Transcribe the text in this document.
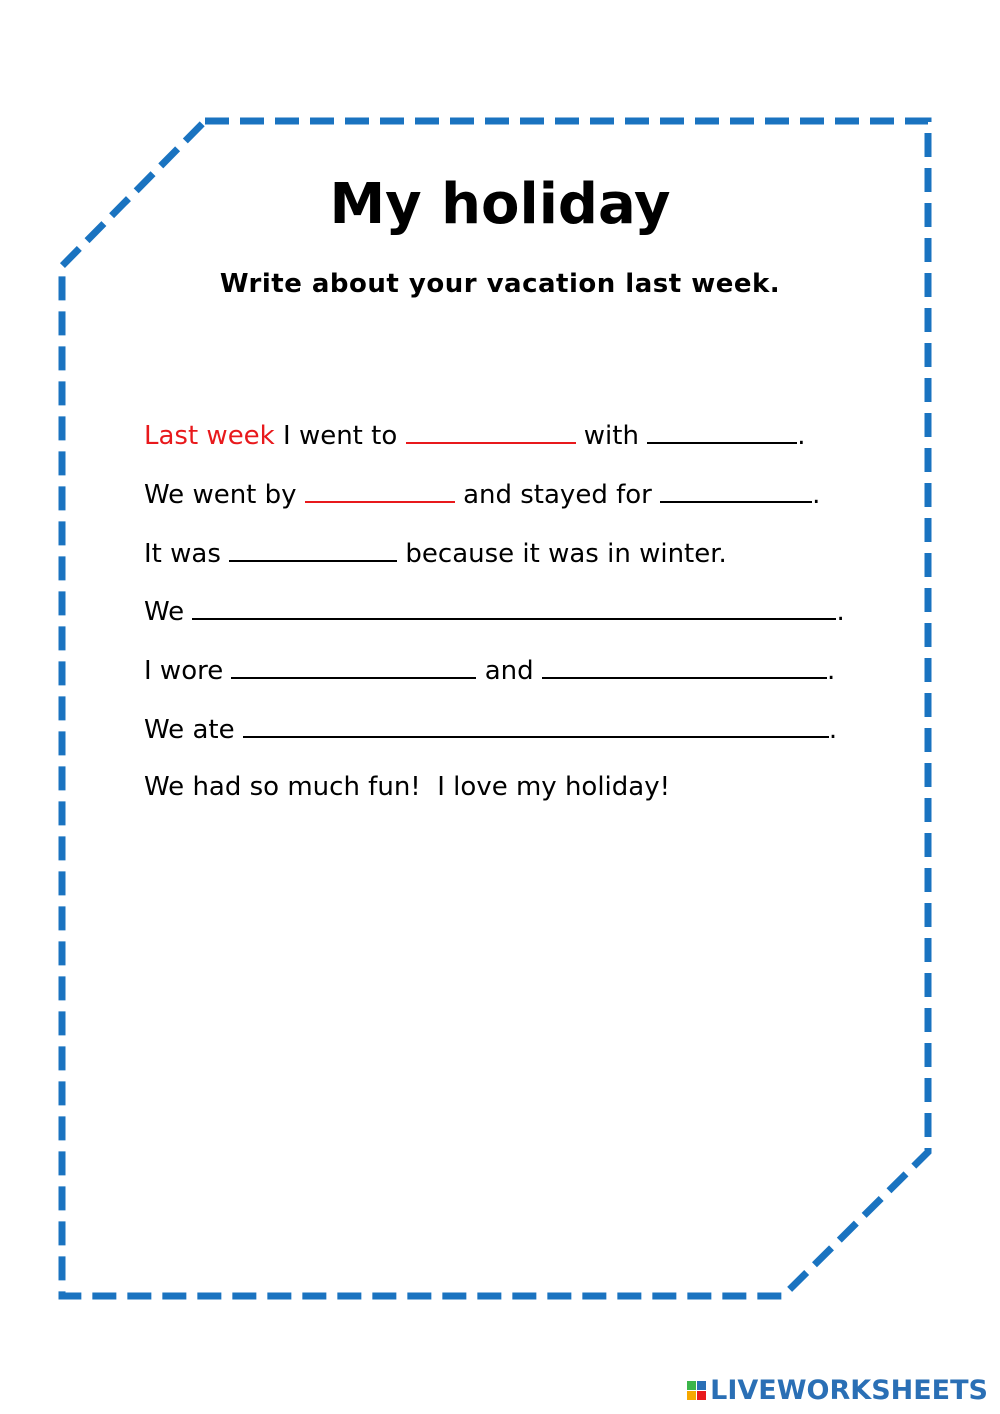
My holiday
Write about your vacation last week.
Last week I went to	with	.
We went by	and stayed for	.
It was	because it was in winter.
We	.
I wore	and	.
We ate	.
We had so much fun!  I love my holiday!
LIVEWORKSHEETS
